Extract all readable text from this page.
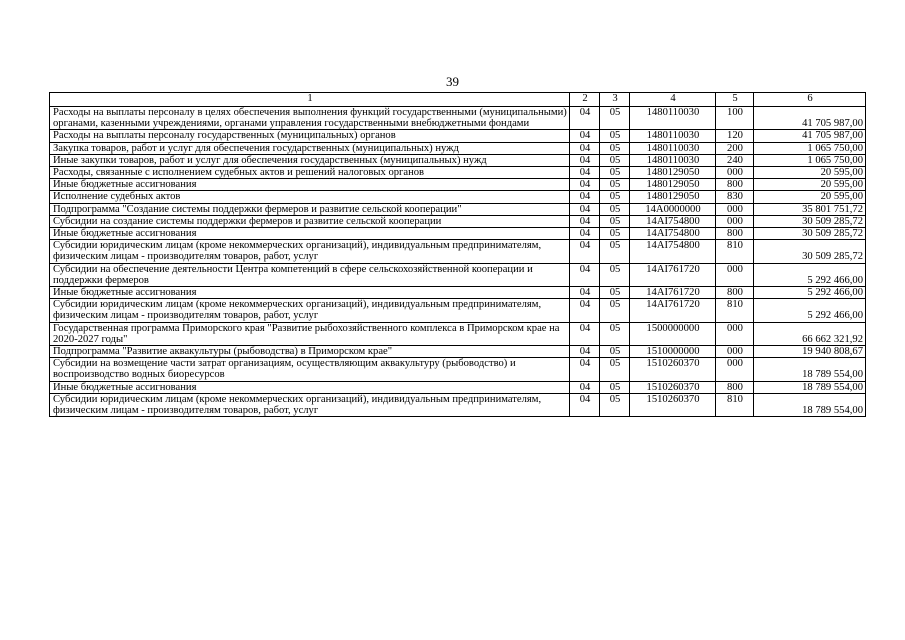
39
1	2	3	4	5	6
Расходы на выплаты персоналу в целях обеспечения выполнения функций государственными (муниципальными) органами, казенными учреждениями, органами управления государственными внебюджетными фондами	04	05	1480110030	100	41 705 987,00
Расходы на выплаты персоналу государственных (муниципальных) органов	04	05	1480110030	120	41 705 987,00
Закупка товаров, работ и услуг для обеспечения государственных (муниципальных) нужд	04	05	1480110030	200	1 065 750,00
Иные закупки товаров, работ и услуг для обеспечения государственных (муниципальных) нужд	04	05	1480110030	240	1 065 750,00
Расходы, связанные с исполнением судебных актов и решений налоговых органов	04	05	1480129050	000	20 595,00
Иные бюджетные ассигнования	04	05	1480129050	800	20 595,00
Исполнение судебных актов	04	05	1480129050	830	20 595,00
Подпрограмма "Создание системы поддержки фермеров и развитие сельской кооперации"	04	05	14A0000000	000	35 801 751,72
Субсидии на создание системы поддержки фермеров и развитие сельской кооперации	04	05	14AI754800	000	30 509 285,72
Иные бюджетные ассигнования	04	05	14AI754800	800	30 509 285,72
Субсидии юридическим лицам (кроме некоммерческих организаций), индивидуальным предпринимателям, физическим лицам - производителям товаров, работ, услуг	04	05	14AI754800	810	30 509 285,72
Субсидии на обеспечение деятельности Центра компетенций в сфере сельскохозяйственной кооперации и поддержки фермеров	04	05	14AI761720	000	5 292 466,00
Иные бюджетные ассигнования	04	05	14AI761720	800	5 292 466,00
Субсидии юридическим лицам (кроме некоммерческих организаций), индивидуальным предпринимателям, физическим лицам - производителям товаров, работ, услуг	04	05	14AI761720	810	5 292 466,00
Государственная программа Приморского края "Развитие рыбохозяйственного комплекса в Приморском крае на 2020-2027 годы"	04	05	1500000000	000	66 662 321,92
Подпрограмма "Развитие аквакультуры (рыбоводства) в Приморском крае"	04	05	1510000000	000	19 940 808,67
Субсидии на возмещение части затрат организациям, осуществляющим аквакультуру (рыбоводство) и воспроизводство водных биоресурсов	04	05	1510260370	000	18 789 554,00
Иные бюджетные ассигнования	04	05	1510260370	800	18 789 554,00
Субсидии юридическим лицам (кроме некоммерческих организаций), индивидуальным предпринимателям, физическим лицам - производителям товаров, работ, услуг	04	05	1510260370	810	18 789 554,00
